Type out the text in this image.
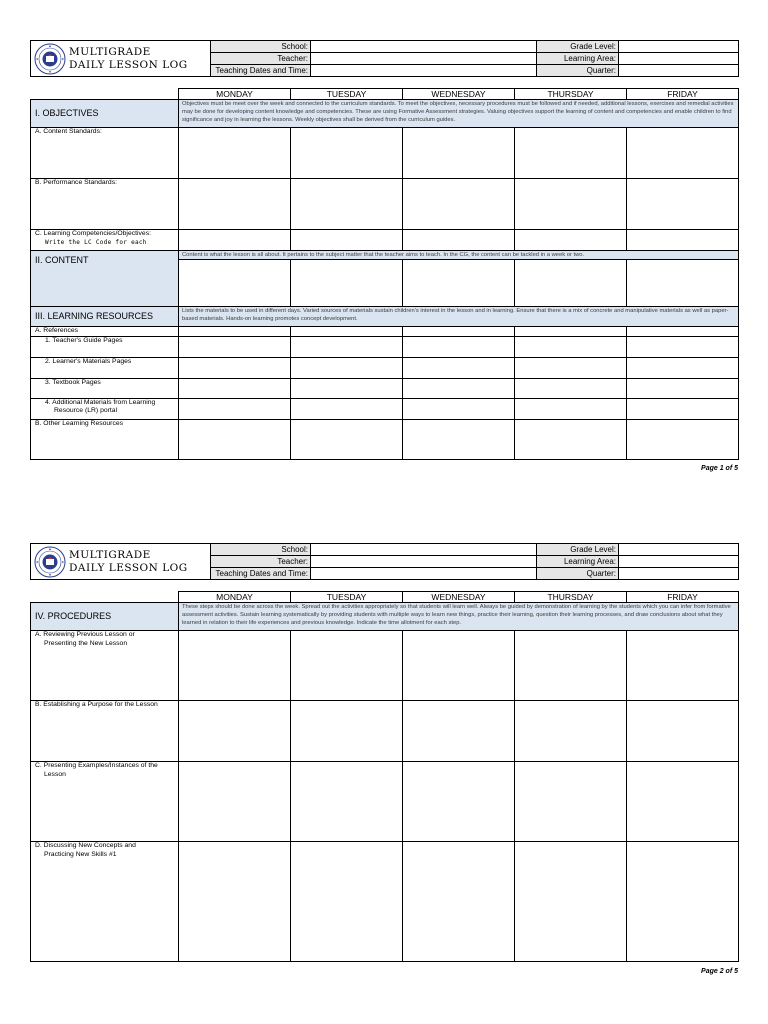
MULTIGRADE
DAILY LESSON LOG
School:		Grade Level:	
Teacher:		Learning Area:	
Teaching Dates and Time:		Quarter:	
	MONDAY	TUESDAY	WEDNESDAY	THURSDAY	FRIDAY
I. OBJECTIVES	Objectives must be meet over the week and connected to the curriculum standards. To meet the objectives, necessary procedures must be followed and if needed, additional lessons, exercises and remedial activities may be done for developing content knowledge and competencies. These are using Formative Assessment strategies. Valuing objectives support the learning of content and competencies and enable children to find significance and joy in learning the lessons. Weekly objectives shall be derived from the curriculum guides.				
A. Content Standards:					
B. Performance Standards:					
C. Learning Competencies/Objectives:
Write the LC Code for each					

II. CONTENT	Content is what the lesson is all about. It pertains to the subject matter that the teacher aims to teach. In the CG, the content can be tackled in a week or two.				

III. LEARNING RESOURCES	Lists the materials to be used in different days. Varied sources of materials sustain children's interest in the lesson and in learning. Ensure that there is a mix of concrete and manipulative materials as well as paper-based materials. Hands-on learning promotes concept development.				
A. References					
1. Teacher's Guide Pages					
2. Learner's Materials Pages					
3. Textbook Pages					
4. Additional Materials from Learning
Resource (LR) portal					
B. Other Learning Resources					
Page 1 of 5
MULTIGRADE
DAILY LESSON LOG
School:		Grade Level:	
Teacher:		Learning Area:	
Teaching Dates and Time:		Quarter:	
	MONDAY	TUESDAY	WEDNESDAY	THURSDAY	FRIDAY
IV. PROCEDURES	These steps should be done across the week. Spread out the activities appropriately so that students will learn well. Always be guided by demonstration of learning by the students which you can infer from formative assessment activities. Sustain learning systematically by providing students with multiple ways to learn new things, practice their learning, question their learning processes, and draw conclusions about what they learned in relation to their life experiences and previous knowledge. Indicate the time allotment for each step.				
A. Reviewing Previous Lesson or
Presenting the New Lesson					
B. Establishing a Purpose for the Lesson					
C. Presenting Examples/Instances of the
Lesson					
D. Discussing New Concepts and
Practicing New Skills #1					
Page 2 of 5
